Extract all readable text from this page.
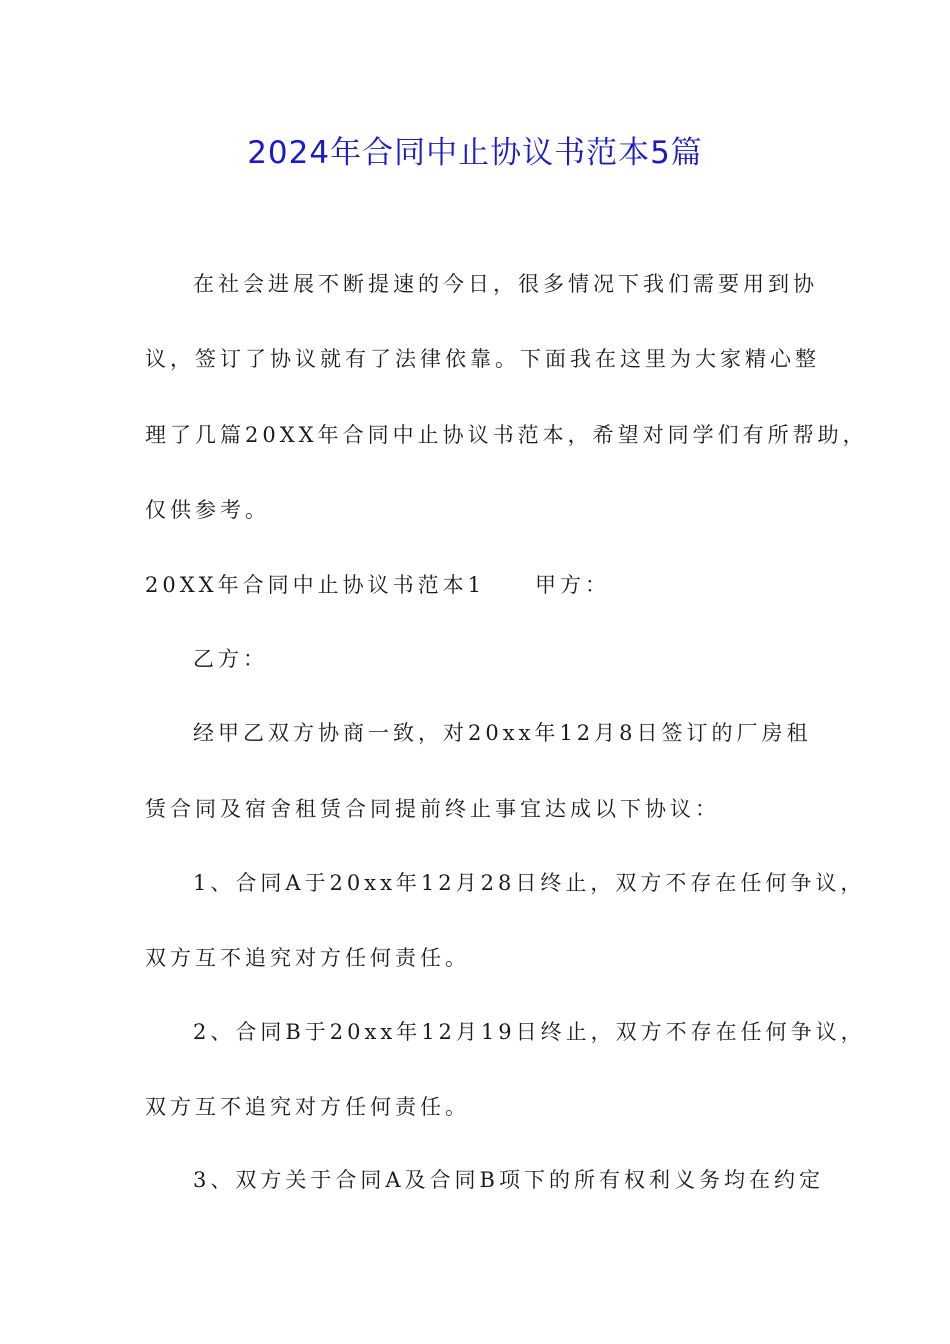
2024年合同中止协议书范本5篇

在社会进展不断提速的今日，很多情况下我们需要用到协

议，签订了协议就有了法律依靠。下面我在这里为大家精心整

理了几篇20XX年合同中止协议书范本，希望对同学们有所帮助，

仅供参考。

20XX年合同中止协议书范本1 甲方：

乙方：

经甲乙双方协商一致，对20xx年12月8日签订的厂房租

赁合同及宿舍租赁合同提前终止事宜达成以下协议：

1、合同A于20xx年12月28日终止，双方不存在任何争议，

双方互不追究对方任何责任。

2、合同B于20xx年12月19日终止，双方不存在任何争议，

双方互不追究对方任何责任。

3、双方关于合同A及合同B项下的所有权利义务均在约定
